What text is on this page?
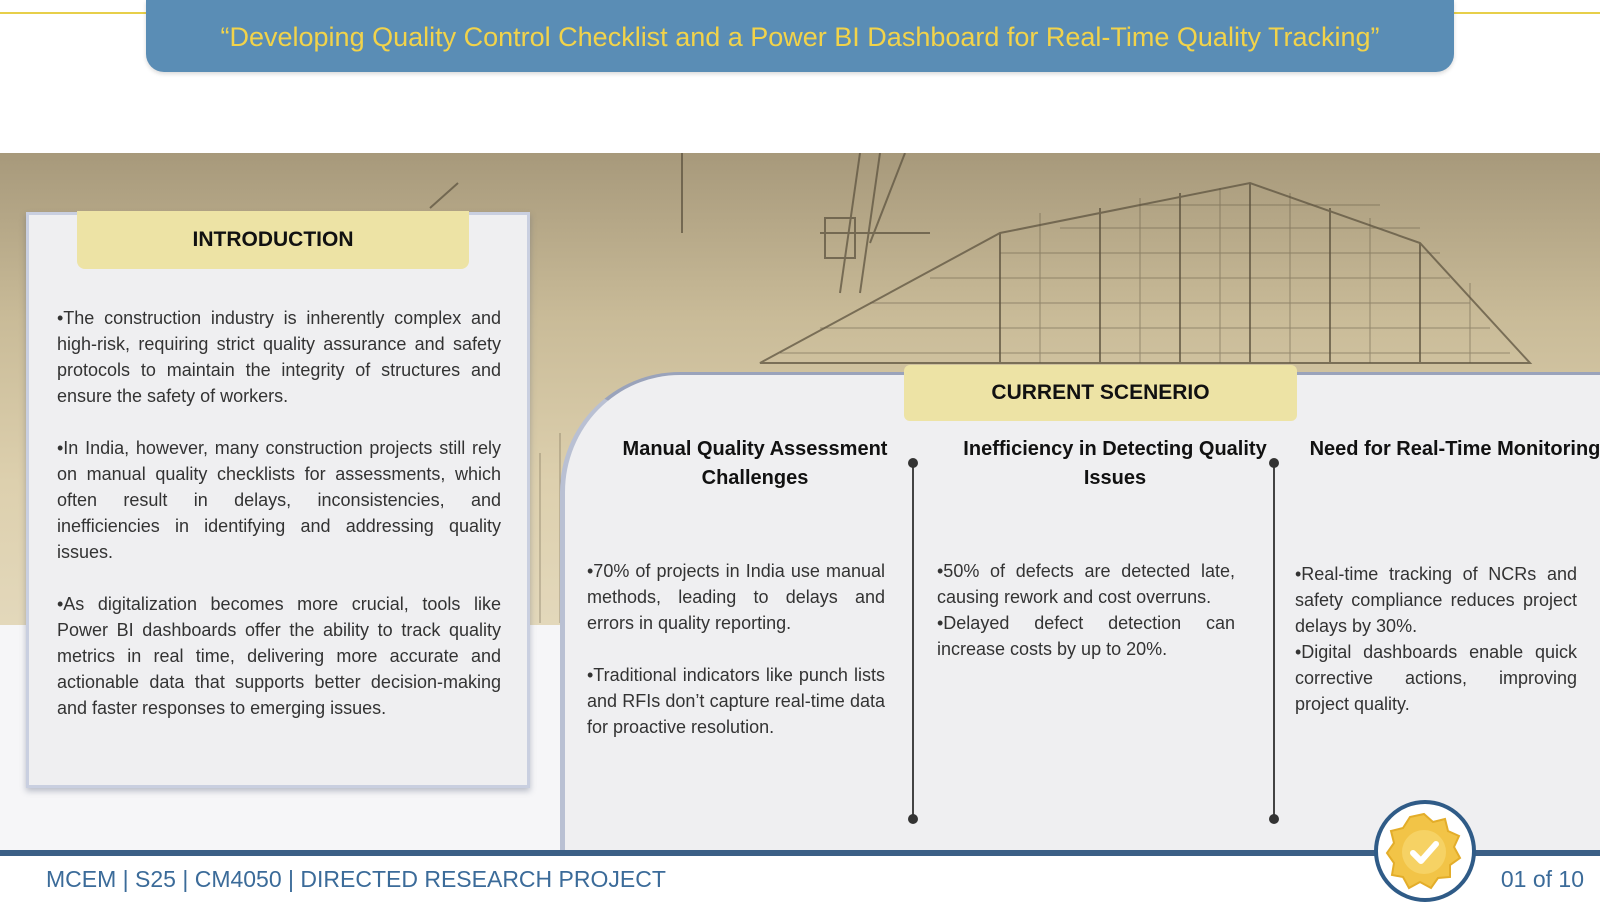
“Developing Quality Control Checklist and a Power BI Dashboard for Real-Time Quality Tracking”
INTRODUCTION

•The construction industry is inherently complex and high-risk, requiring strict quality assurance and safety protocols to maintain the integrity of structures and ensure the safety of workers.

•In India, however, many construction projects still rely on manual quality checklists for assessments, which often result in delays, inconsistencies, and inefficiencies in identifying and addressing quality issues.

•As digitalization becomes more crucial, tools like Power BI dashboards offer the ability to track quality metrics in real time, delivering more accurate and actionable data that supports better decision-making and faster responses to emerging issues.

CURRENT SCENERIO
Manual Quality Assessment Challenges

•70% of projects in India use manual methods, leading to delays and errors in quality reporting.

•Traditional indicators like punch lists and RFIs don’t capture real-time data for proactive resolution.

Inefficiency in Detecting Quality Issues

•50% of defects are detected late, causing rework and cost overruns.

•Delayed defect detection can increase costs by up to 20%.

Need for Real-Time Monitoring

•Real-time tracking of NCRs and safety compliance reduces project delays by 30%.

•Digital dashboards enable quick corrective actions, improving project quality.

MCEM | S25 | CM4050 | DIRECTED RESEARCH PROJECT	01 of 10
